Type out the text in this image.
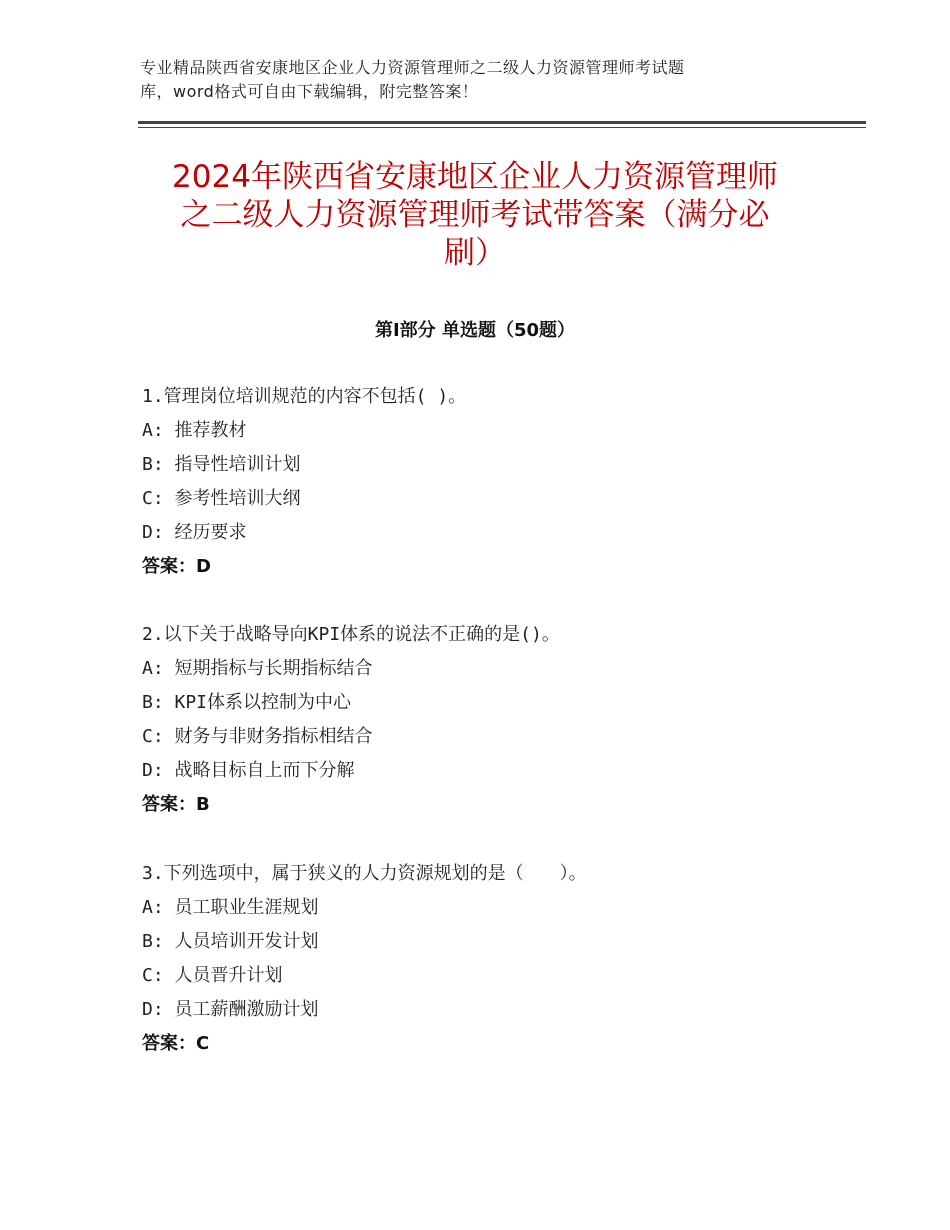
专业精品陕西省安康地区企业人力资源管理师之二级人力资源管理师考试题
库，word格式可自由下载编辑，附完整答案！
2024年陕西省安康地区企业人力资源管理师
之二级人力资源管理师考试带答案（满分必
刷）
第Ⅰ部分 单选题（50题）
1.管理岗位培训规范的内容不包括( )。
A: 推荐教材
B: 指导性培训计划
C: 参考性培训大纲
D: 经历要求
答案：D
2.以下关于战略导向KPI体系的说法不正确的是()。
A: 短期指标与长期指标结合
B: KPI体系以控制为中心
C: 财务与非财务指标相结合
D: 战略目标自上而下分解
答案：B
3.下列选项中，属于狭义的人力资源规划的是（　　）。
A: 员工职业生涯规划
B: 人员培训开发计划
C: 人员晋升计划
D: 员工薪酬激励计划
答案：C
